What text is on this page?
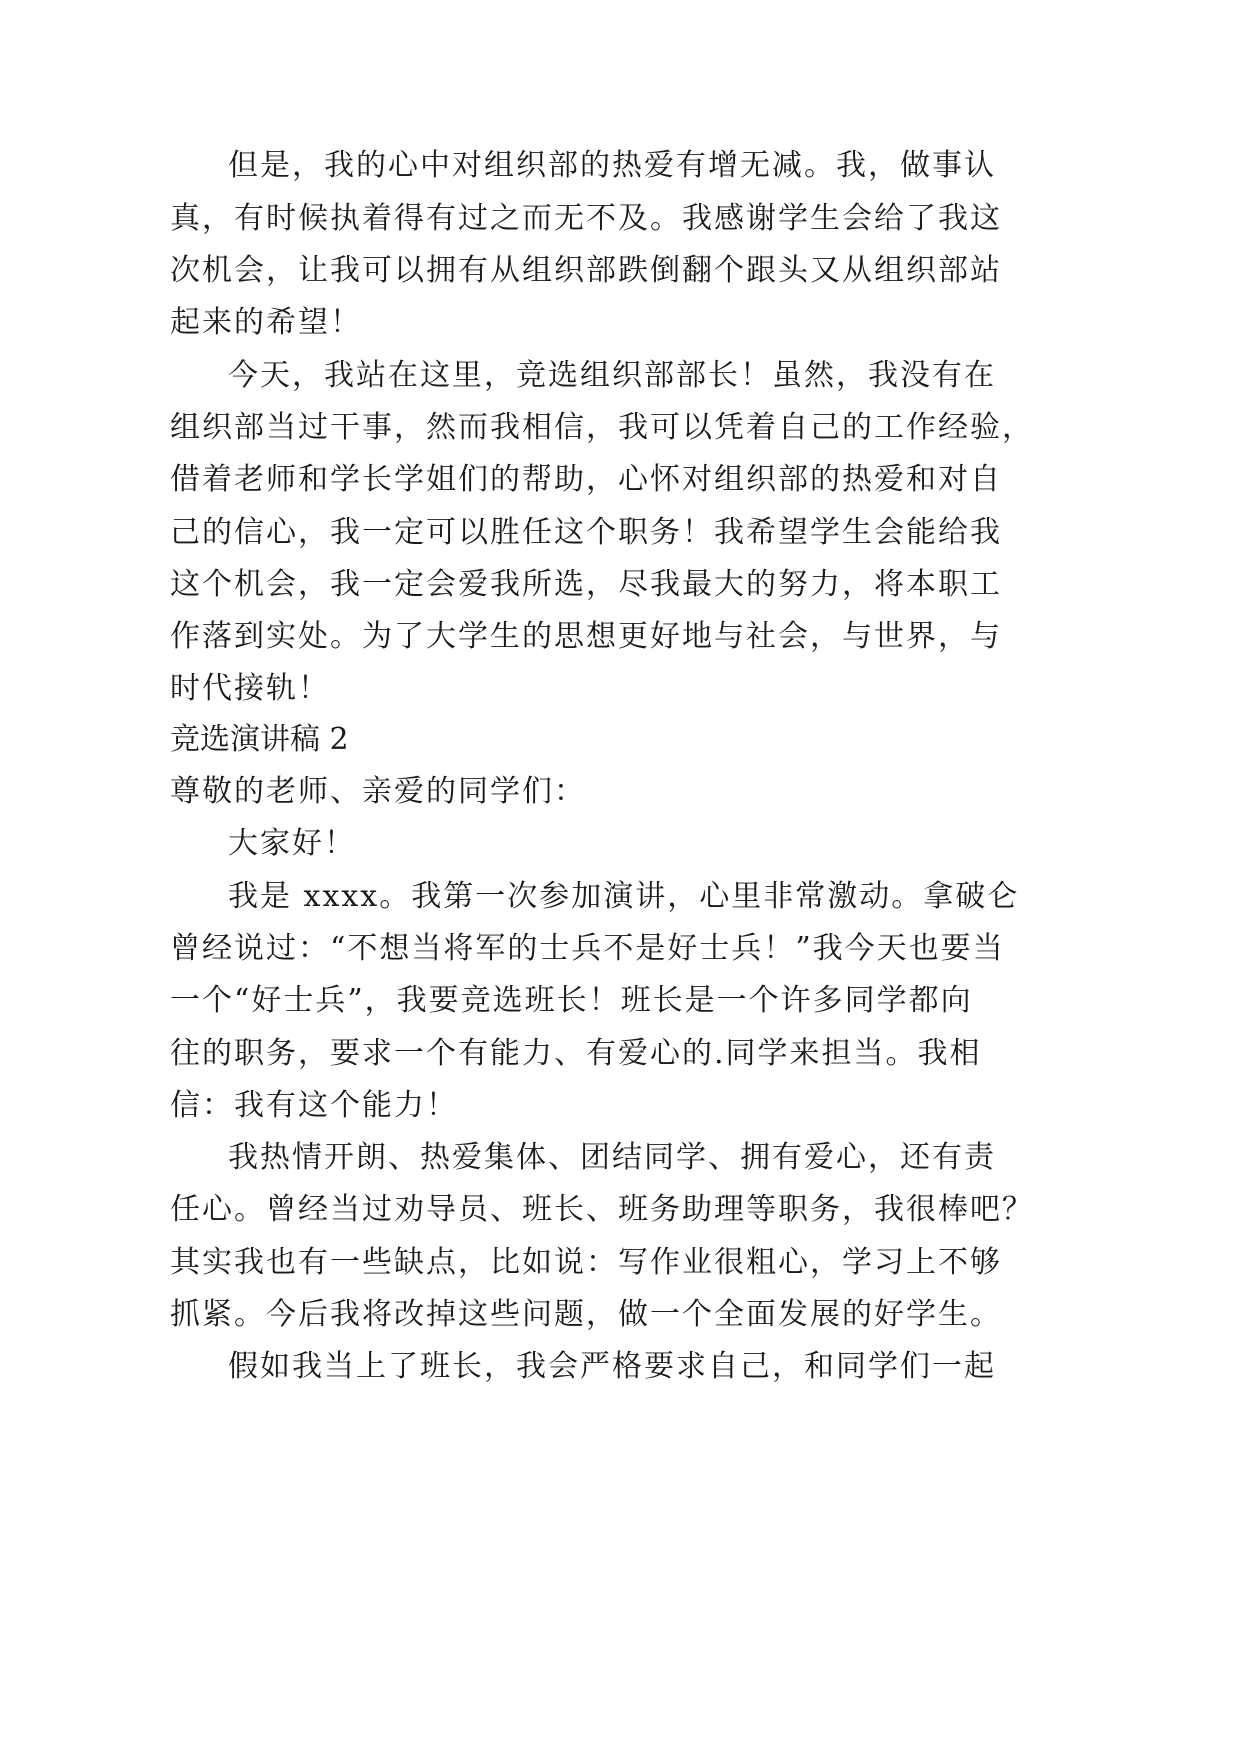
但是，我的心中对组织部的热爱有增无减。我，做事认
真，有时候执着得有过之而无不及。我感谢学生会给了我这
次机会，让我可以拥有从组织部跌倒翻个跟头又从组织部站
起来的希望！
今天，我站在这里，竞选组织部部长！虽然，我没有在
组织部当过干事，然而我相信，我可以凭着自己的工作经验，
借着老师和学长学姐们的帮助，心怀对组织部的热爱和对自
己的信心，我一定可以胜任这个职务！我希望学生会能给我
这个机会，我一定会爱我所选，尽我最大的努力，将本职工
作落到实处。为了大学生的思想更好地与社会，与世界，与
时代接轨！
竞选演讲稿 2
尊敬的老师、亲爱的同学们：
大家好！
我是 xxxx。我第一次参加演讲，心里非常激动。拿破仑
曾经说过：“不想当将军的士兵不是好士兵！”我今天也要当
一个“好士兵”，我要竞选班长！班长是一个许多同学都向
往的职务，要求一个有能力、有爱心的.同学来担当。我相
信：我有这个能力！
我热情开朗、热爱集体、团结同学、拥有爱心，还有责
任心。曾经当过劝导员、班长、班务助理等职务，我很棒吧？
其实我也有一些缺点，比如说：写作业很粗心，学习上不够
抓紧。今后我将改掉这些问题，做一个全面发展的好学生。
假如我当上了班长，我会严格要求自己，和同学们一起
